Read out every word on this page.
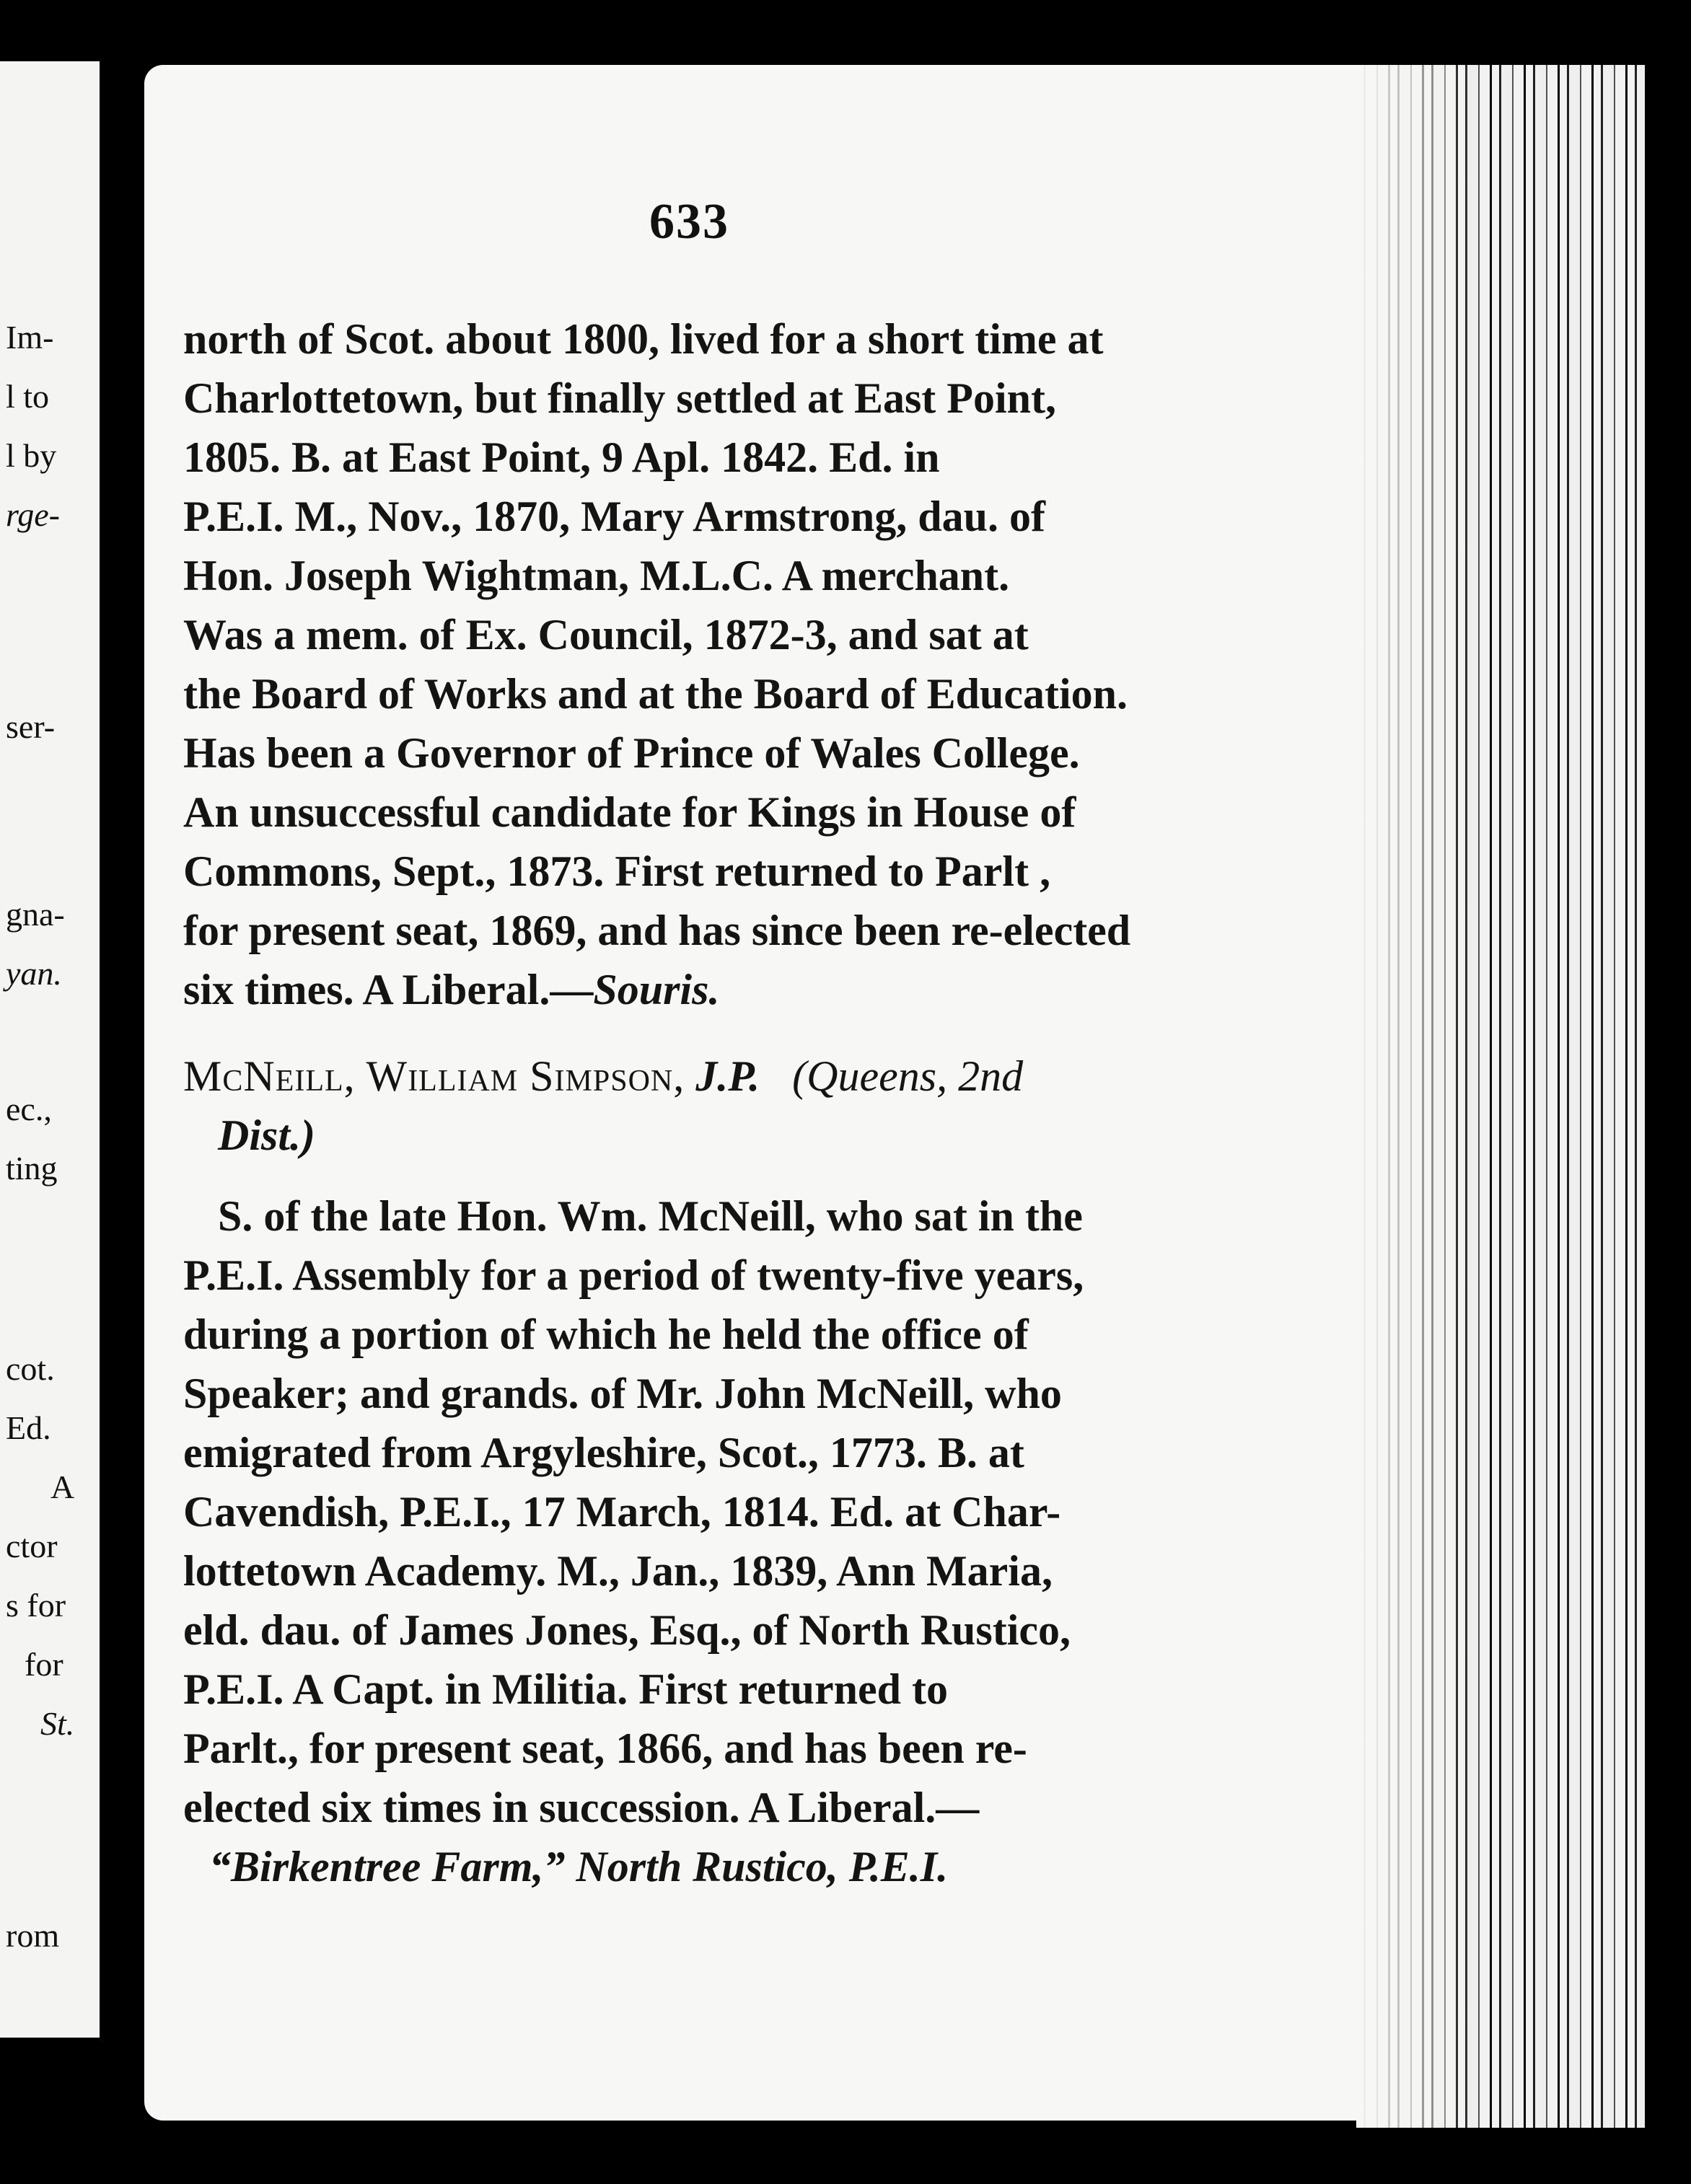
Im-
l to
l by
rge-
ser-
gna-
yan.
ec.,
ting
cot.
Ed.
A
ctor
s for
for
St.
rom
633
north of Scot. about 1800, lived for a short time at
Charlottetown, but finally settled at East Point,
1805. B. at East Point, 9 Apl. 1842. Ed. in
P.E.I. M., Nov., 1870, Mary Armstrong, dau. of
Hon. Joseph Wightman, M.L.C. A merchant.
Was a mem. of Ex. Council, 1872-3, and sat at
the Board of Works and at the Board of Education.
Has been a Governor of Prince of Wales College.
An unsuccessful candidate for Kings in House of
Commons, Sept., 1873. First returned to Parlt ,
for present seat, 1869, and has since been re-elected
six times. A Liberal.—Souris.
McNeill, William Simpson, J.P. (Queens, 2nd
Dist.)
S. of the late Hon. Wm. McNeill, who sat in the
P.E.I. Assembly for a period of twenty-five years,
during a portion of which he held the office of
Speaker; and grands. of Mr. John McNeill, who
emigrated from Argyleshire, Scot., 1773. B. at
Cavendish, P.E.I., 17 March, 1814. Ed. at Char-
lottetown Academy. M., Jan., 1839, Ann Maria,
eld. dau. of James Jones, Esq., of North Rustico,
P.E.I. A Capt. in Militia. First returned to
Parlt., for present seat, 1866, and has been re-
elected six times in succession. A Liberal.—
“Birkentree Farm,” North Rustico, P.E.I.
